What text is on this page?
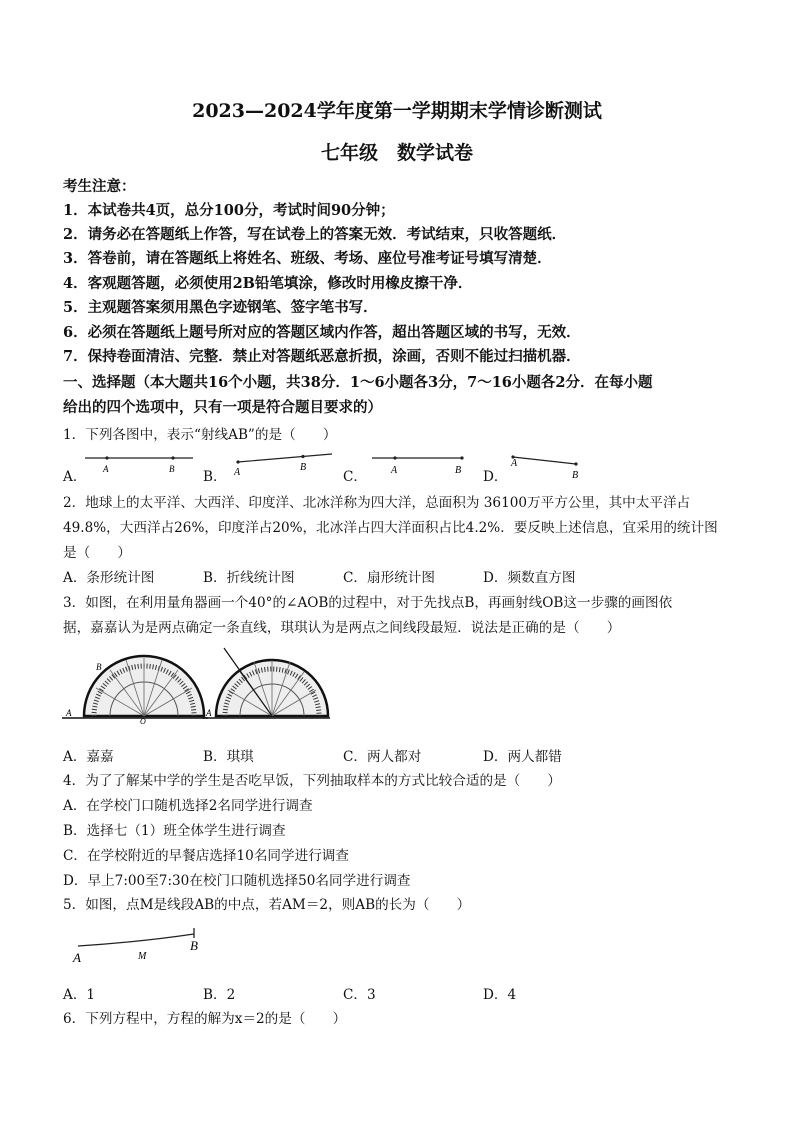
2023—2024学年度第一学期期末学情诊断测试
七年级　数学试卷
考生注意：
1．本试卷共4页，总分100分，考试时间90分钟；
2．请务必在答题纸上作答，写在试卷上的答案无效．考试结束，只收答题纸．
3．答卷前，请在答题纸上将姓名、班级、考场、座位号准考证号填写清楚．
4．客观题答题，必须使用2B铅笔填涂，修改时用橡皮擦干净．
5．主观题答案须用黑色字迹钢笔、签字笔书写．
6．必须在答题纸上题号所对应的答题区域内作答，超出答题区域的书写，无效．
7．保持卷面清洁、完整．禁止对答题纸恶意折损，涂画，否则不能过扫描机器．
一、选择题（本大题共16个小题，共38分．1～6小题各3分，7～16小题各2分．在每小题
给出的四个选项中，只有一项是符合题目要求的）
1．下列各图中，表示“射线AB”的是（　　）
A．	B．	C．	D．
A	B	A	B	A	B
A
B
2．地球上的太平洋、大西洋、印度洋、北冰洋称为四大洋，总面积为 36100万平方公里，其中太平洋占
49.8%，大西洋占26%，印度洋占20%，北冰洋占四大洋面积占比4.2%．要反映上述信息，宜采用的统计图
是（　　）
A．条形统计图	B．折线统计图	C．扇形统计图	D．频数直方图
3．如图，在利用量角器画一个40°的∠AOB的过程中，对于先找点B，再画射线OB这一步骤的画图依
据，嘉嘉认为是两点确定一条直线，琪琪认为是两点之间线段最短．说法是正确的是（　　）
B
A
O
A
A．嘉嘉	B．琪琪	C．两人都对	D．两人都错
4．为了了解某中学的学生是否吃早饭，下列抽取样本的方式比较合适的是（　　）
A．在学校门口随机选择2名同学进行调查
B．选择七（1）班全体学生进行调查
C．在学校附近的早餐店选择10名同学进行调查
D．早上7:00至7:30在校门口随机选择50名同学进行调查
5．如图，点M是线段AB的中点，若AM＝2，则AB的长为（　　）
A	M
B
A．1	B．2	C．3	D．4
6．下列方程中，方程的解为x＝2的是（　　）
